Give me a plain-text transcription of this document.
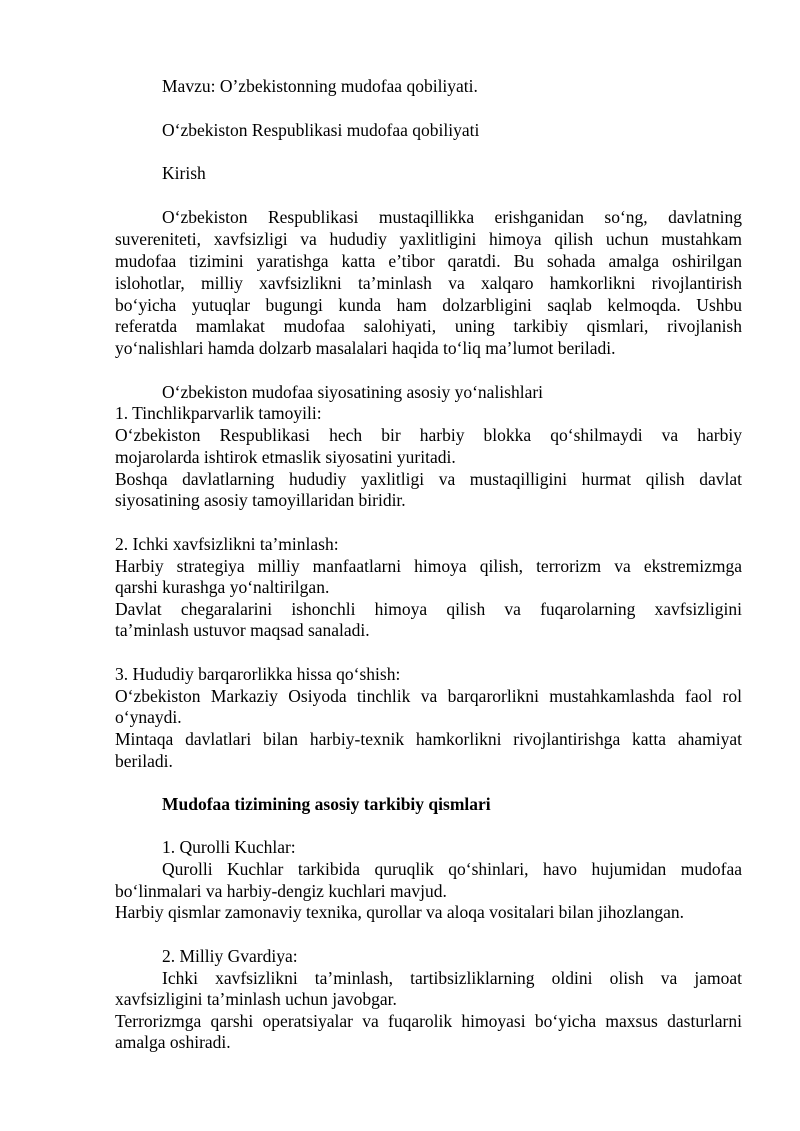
Mavzu: O’zbekistonning mudofaa qobiliyati.
O‘zbekiston Respublikasi mudofaa qobiliyati
Kirish
O‘zbekiston Respublikasi mustaqillikka erishganidan so‘ng, davlatning
suvereniteti, xavfsizligi va hududiy yaxlitligini himoya qilish uchun mustahkam
mudofaa tizimini yaratishga katta e’tibor qaratdi. Bu sohada amalga oshirilgan
islohotlar, milliy xavfsizlikni ta’minlash va xalqaro hamkorlikni rivojlantirish
bo‘yicha yutuqlar bugungi kunda ham dolzarbligini saqlab kelmoqda. Ushbu
referatda mamlakat mudofaa salohiyati, uning tarkibiy qismlari, rivojlanish
yo‘nalishlari hamda dolzarb masalalari haqida to‘liq ma’lumot beriladi.
O‘zbekiston mudofaa siyosatining asosiy yo‘nalishlari
1. Tinchlikparvarlik tamoyili:
O‘zbekiston Respublikasi hech bir harbiy blokka qo‘shilmaydi va harbiy
mojarolarda ishtirok etmaslik siyosatini yuritadi.
Boshqa davlatlarning hududiy yaxlitligi va mustaqilligini hurmat qilish davlat
siyosatining asosiy tamoyillaridan biridir.
2. Ichki xavfsizlikni ta’minlash:
Harbiy strategiya milliy manfaatlarni himoya qilish, terrorizm va ekstremizmga
qarshi kurashga yo‘naltirilgan.
Davlat chegaralarini ishonchli himoya qilish va fuqarolarning xavfsizligini
ta’minlash ustuvor maqsad sanaladi.
3. Hududiy barqarorlikka hissa qo‘shish:
O‘zbekiston Markaziy Osiyoda tinchlik va barqarorlikni mustahkamlashda faol rol
o‘ynaydi.
Mintaqa davlatlari bilan harbiy-texnik hamkorlikni rivojlantirishga katta ahamiyat
beriladi.
Mudofaa tizimining asosiy tarkibiy qismlari
1. Qurolli Kuchlar:
Qurolli Kuchlar tarkibida quruqlik qo‘shinlari, havo hujumidan mudofaa
bo‘linmalari va harbiy-dengiz kuchlari mavjud.
Harbiy qismlar zamonaviy texnika, qurollar va aloqa vositalari bilan jihozlangan.
2. Milliy Gvardiya:
Ichki xavfsizlikni ta’minlash, tartibsizliklarning oldini olish va jamoat
xavfsizligini ta’minlash uchun javobgar.
Terrorizmga qarshi operatsiyalar va fuqarolik himoyasi bo‘yicha maxsus dasturlarni
amalga oshiradi.
